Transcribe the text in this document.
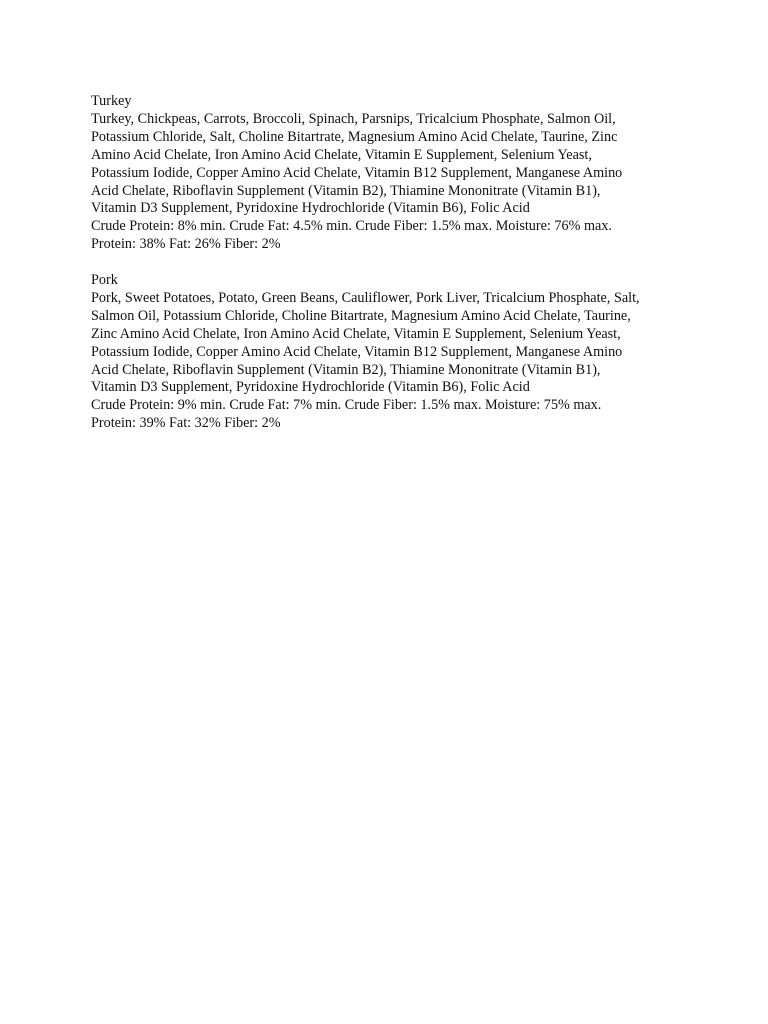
Turkey
Turkey, Chickpeas, Carrots, Broccoli, Spinach, Parsnips, Tricalcium Phosphate, Salmon Oil,
Potassium Chloride, Salt, Choline Bitartrate, Magnesium Amino Acid Chelate, Taurine, Zinc
Amino Acid Chelate, Iron Amino Acid Chelate, Vitamin E Supplement, Selenium Yeast,
Potassium Iodide, Copper Amino Acid Chelate, Vitamin B12 Supplement, Manganese Amino
Acid Chelate, Riboflavin Supplement (Vitamin B2), Thiamine Mononitrate (Vitamin B1),
Vitamin D3 Supplement, Pyridoxine Hydrochloride (Vitamin B6), Folic Acid
Crude Protein: 8% min. Crude Fat: 4.5% min. Crude Fiber: 1.5% max. Moisture: 76% max.
Protein: 38% Fat: 26% Fiber: 2%
Pork
Pork, Sweet Potatoes, Potato, Green Beans, Cauliflower, Pork Liver, Tricalcium Phosphate, Salt,
Salmon Oil, Potassium Chloride, Choline Bitartrate, Magnesium Amino Acid Chelate, Taurine,
Zinc Amino Acid Chelate, Iron Amino Acid Chelate, Vitamin E Supplement, Selenium Yeast,
Potassium Iodide, Copper Amino Acid Chelate, Vitamin B12 Supplement, Manganese Amino
Acid Chelate, Riboflavin Supplement (Vitamin B2), Thiamine Mononitrate (Vitamin B1),
Vitamin D3 Supplement, Pyridoxine Hydrochloride (Vitamin B6), Folic Acid
Crude Protein: 9% min. Crude Fat: 7% min. Crude Fiber: 1.5% max. Moisture: 75% max.
Protein: 39% Fat: 32% Fiber: 2%
